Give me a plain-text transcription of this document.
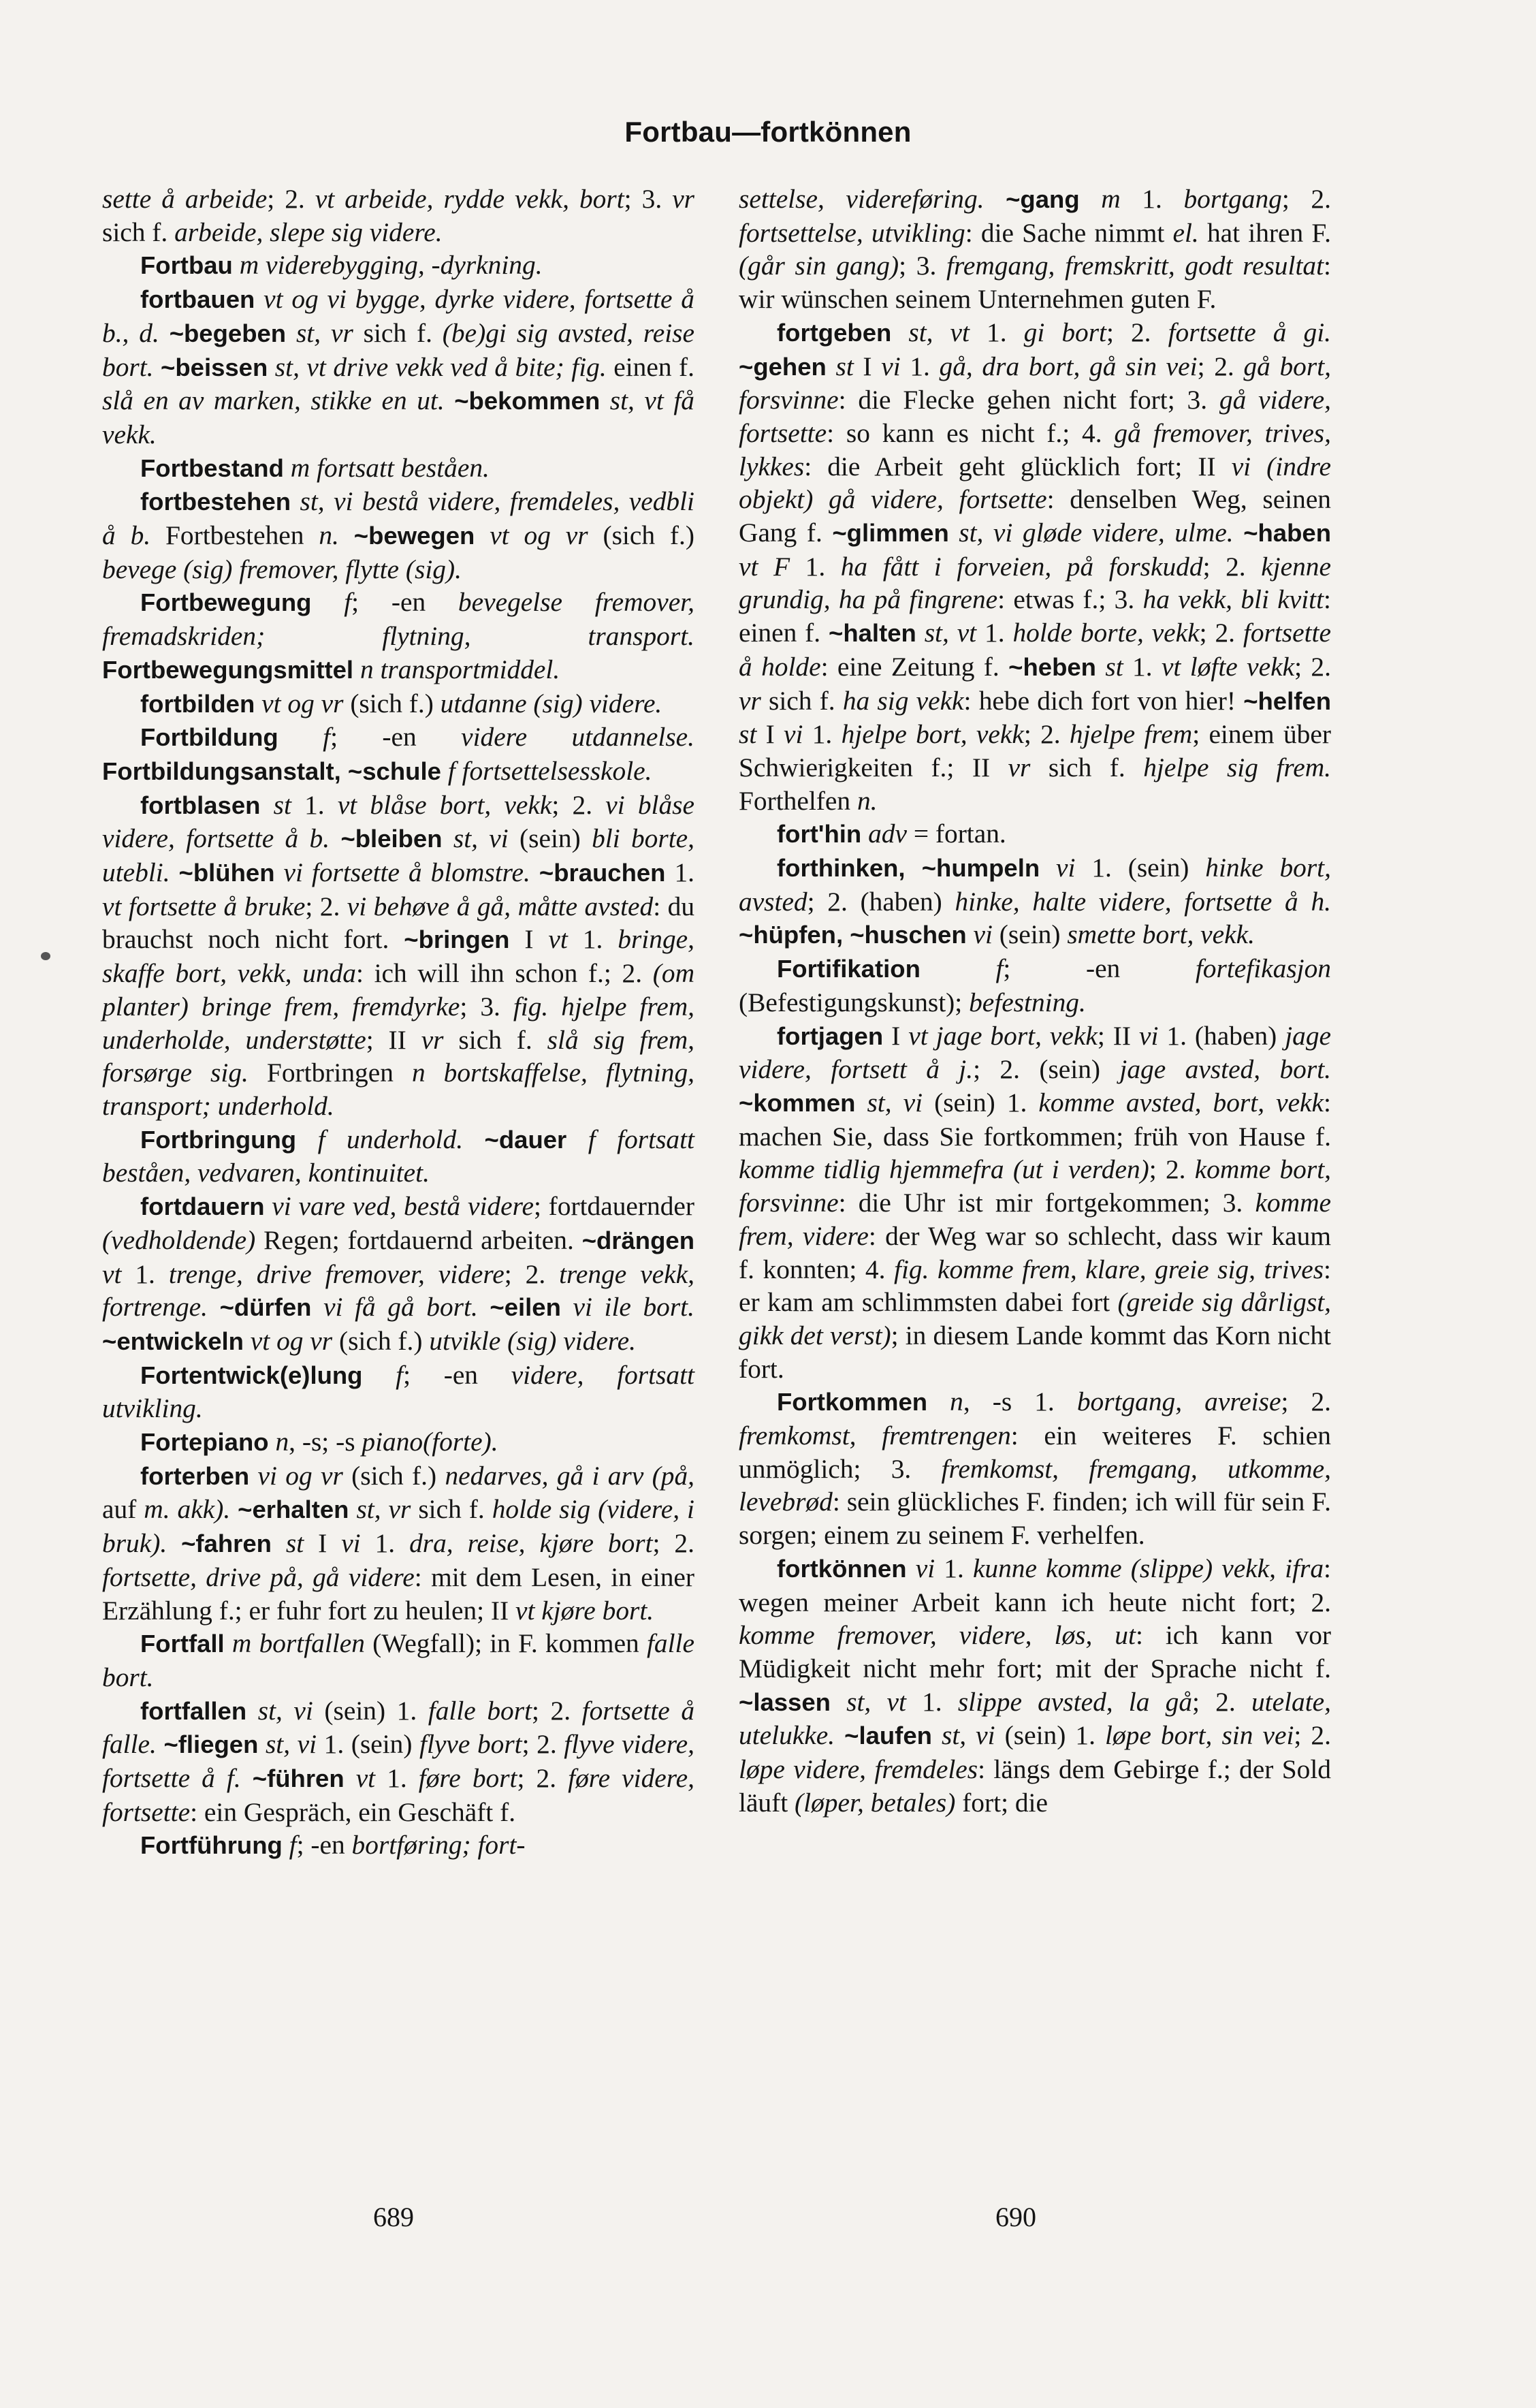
Fortbau—fortkönnen

sette å arbeide; 2. vt arbeide, rydde vekk, bort; 3. vr sich f. arbeide, slepe sig videre.

Fortbau m viderebygging, -dyrkning.

fortbauen vt og vi bygge, dyrke videre, fortsette å b., d. ~begeben st, vr sich f. (be)gi sig avsted, reise bort. ~beissen st, vt drive vekk ved å bite; fig. einen f. slå en av marken, stikke en ut. ~bekommen st, vt få vekk.

Fortbestand m fortsatt beståen.

fortbestehen st, vi bestå videre, fremdeles, vedbli å b. Fortbestehen n. ~bewegen vt og vr (sich f.) bevege (sig) fremover, flytte (sig).

Fortbewegung f; -en bevegelse fremover, fremadskriden; flytning, transport. Fortbewegungsmittel n transportmiddel.

fortbilden vt og vr (sich f.) utdanne (sig) videre.

Fortbildung f; -en videre utdannelse. Fortbildungsanstalt, ~schule f fortsettelsesskole.

fortblasen st 1. vt blåse bort, vekk; 2. vi blåse videre, fortsette å b. ~bleiben st, vi (sein) bli borte, utebli. ~blühen vi fortsette å blomstre. ~brauchen 1. vt fortsette å bruke; 2. vi behøve å gå, måtte avsted: du brauchst noch nicht fort. ~bringen I vt 1. bringe, skaffe bort, vekk, unda: ich will ihn schon f.; 2. (om planter) bringe frem, fremdyrke; 3. fig. hjelpe frem, underholde, understøtte; II vr sich f. slå sig frem, forsørge sig. Fortbringen n bortskaffelse, flytning, transport; underhold.

Fortbringung f underhold. ~dauer f fortsatt beståen, vedvaren, kontinuitet.

fortdauern vi vare ved, bestå videre; fortdauernder (vedholdende) Regen; fortdauernd arbeiten. ~drängen vt 1. trenge, drive fremover, videre; 2. trenge vekk, fortrenge. ~dürfen vi få gå bort. ~eilen vi ile bort. ~entwickeln vt og vr (sich f.) utvikle (sig) videre.

Fortentwick(e)lung f; -en videre, fortsatt utvikling.

Fortepiano n, -s; -s piano(forte).

forterben vi og vr (sich f.) nedarves, gå i arv (på, auf m. akk). ~erhalten st, vr sich f. holde sig (videre, i bruk). ~fahren st I vi 1. dra, reise, kjøre bort; 2. fortsette, drive på, gå videre: mit dem Lesen, in einer Erzählung f.; er fuhr fort zu heulen; II vt kjøre bort.

Fortfall m bortfallen (Wegfall); in F. kommen falle bort.

fortfallen st, vi (sein) 1. falle bort; 2. fortsette å falle. ~fliegen st, vi 1. (sein) flyve bort; 2. flyve videre, fortsette å f. ~führen vt 1. føre bort; 2. føre videre, fortsette: ein Gespräch, ein Geschäft f.

Fortführung f; -en bortføring; fort-

settelse, videreføring. ~gang m 1. bortgang; 2. fortsettelse, utvikling: die Sache nimmt el. hat ihren F. (går sin gang); 3. fremgang, fremskritt, godt resultat: wir wünschen seinem Unternehmen guten F.

fortgeben st, vt 1. gi bort; 2. fortsette å gi. ~gehen st I vi 1. gå, dra bort, gå sin vei; 2. gå bort, forsvinne: die Flecke gehen nicht fort; 3. gå videre, fortsette: so kann es nicht f.; 4. gå fremover, trives, lykkes: die Arbeit geht glücklich fort; II vi (indre objekt) gå videre, fortsette: denselben Weg, seinen Gang f. ~glimmen st, vi gløde videre, ulme. ~haben vt F 1. ha fått i forveien, på forskudd; 2. kjenne grundig, ha på fingrene: etwas f.; 3. ha vekk, bli kvitt: einen f. ~halten st, vt 1. holde borte, vekk; 2. fortsette å holde: eine Zeitung f. ~heben st 1. vt løfte vekk; 2. vr sich f. ha sig vekk: hebe dich fort von hier! ~helfen st I vi 1. hjelpe bort, vekk; 2. hjelpe frem; einem über Schwierigkeiten f.; II vr sich f. hjelpe sig frem. Forthelfen n.

fort'hin adv = fortan.

forthinken, ~humpeln vi 1. (sein) hinke bort, avsted; 2. (haben) hinke, halte videre, fortsette å h. ~hüpfen, ~huschen vi (sein) smette bort, vekk.

Fortifikation	f; -en fortefikasjon (Befestigungskunst); befestning.

fortjagen I vt jage bort, vekk; II vi 1. (haben) jage videre, fortsett å j.; 2. (sein) jage avsted, bort. ~kommen st, vi (sein) 1. komme avsted, bort, vekk: machen Sie, dass Sie fortkommen; früh von Hause f. komme tidlig hjemmefra (ut i verden); 2. komme bort, forsvinne: die Uhr ist mir fortgekommen; 3. komme frem, videre: der Weg war so schlecht, dass wir kaum f. konnten; 4. fig. komme frem, klare, greie sig, trives: er kam am schlimmsten dabei fort (greide sig dårligst, gikk det verst); in diesem Lande kommt das Korn nicht fort.

Fortkommen n, -s 1. bortgang, avreise; 2. fremkomst, fremtrengen: ein weiteres F. schien unmöglich; 3. fremkomst, fremgang, utkomme, levebrød: sein glückliches F. finden; ich will für sein F. sorgen; einem zu seinem F. verhelfen.

fortkönnen vi 1. kunne komme (slippe) vekk, ifra: wegen meiner Arbeit kann ich heute nicht fort; 2. komme fremover, videre, løs, ut: ich kann vor Müdigkeit nicht mehr fort; mit der Sprache nicht f. ~lassen st, vt 1. slippe avsted, la gå; 2. utelate, utelukke. ~laufen st, vi (sein) 1. løpe bort, sin vei; 2. løpe videre, fremdeles: längs dem Gebirge f.; der Sold läuft (løper, betales) fort; die

689	690
